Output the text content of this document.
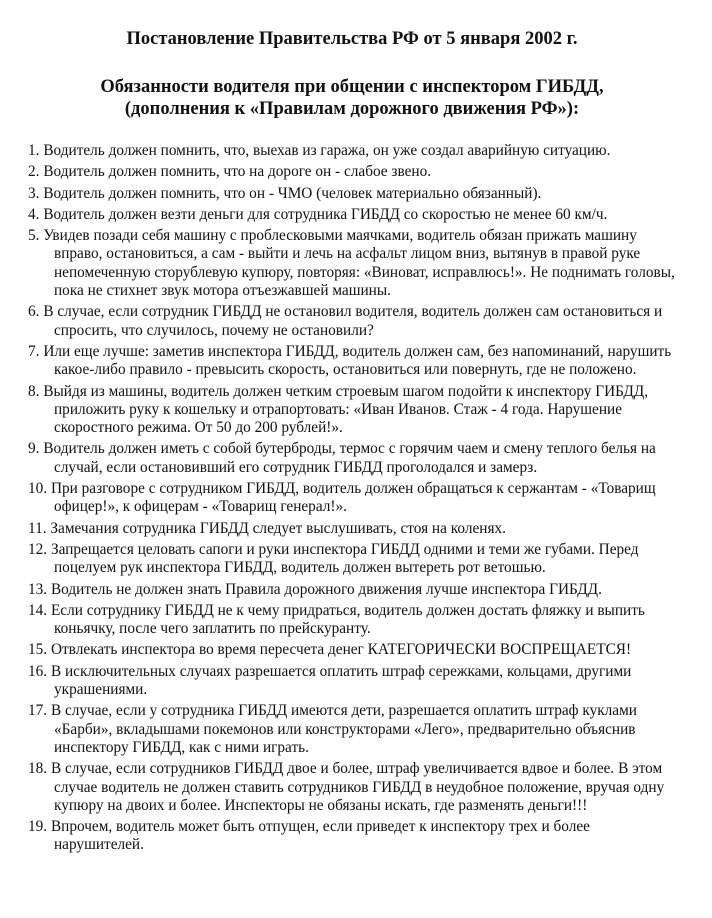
Постановление Правительства РФ от 5 января 2002 г.
Обязанности водителя при общении с инспектором ГИБДД,
(дополнения к «Правилам дорожного движения РФ»):
1. Водитель должен помнить, что, выехав из гаража, он уже создал аварийную ситуацию.
2. Водитель должен помнить, что на дороге он - слабое звено.
3. Водитель должен помнить, что он - ЧМО (человек материально обязанный).
4. Водитель должен везти деньги для сотрудника ГИБДД со скоростью не менее 60 км/ч.
5. Увидев позади себя машину с проблесковыми маячками, водитель обязан прижать машину вправо, остановиться, а сам - выйти и лечь на асфальт лицом вниз, вытянув в правой руке непомеченную сторублевую купюру, повторяя: «Виноват, исправлюсь!». Не поднимать головы, пока не стихнет звук мотора отъезжавшей машины.
6. В случае, если сотрудник ГИБДД не остановил водителя, водитель должен сам остановиться и спросить, что случилось, почему не остановили?
7. Или еще лучше: заметив инспектора ГИБДД, водитель должен сам, без напоминаний, нарушить какое-либо правило - превысить скорость, остановиться или повернуть, где не положено.
8. Выйдя из машины, водитель должен четким строевым шагом подойти к инспектору ГИБДД, приложить руку к кошельку и отрапортовать: «Иван Иванов. Стаж - 4 года. Нарушение скоростного режима. От 50 до 200 рублей!».
9. Водитель должен иметь с собой бутерброды, термос с горячим чаем и смену теплого белья на случай, если остановивший его сотрудник ГИБДД проголодался и замерз.
10. При разговоре с сотрудником ГИБДД, водитель должен обращаться к сержантам - «Товарищ офицер!», к офицерам - «Товарищ генерал!».
11. Замечания сотрудника ГИБДД следует выслушивать, стоя на коленях.
12. Запрещается целовать сапоги и руки инспектора ГИБДД одними и теми же губами. Перед поцелуем рук инспектора ГИБДД, водитель должен вытереть рот ветошью.
13. Водитель не должен знать Правила дорожного движения лучше инспектора ГИБДД.
14. Если сотруднику ГИБДД не к чему придраться, водитель должен достать фляжку и выпить коньячку, после чего заплатить по прейскуранту.
15. Отвлекать инспектора во время пересчета денег КАТЕГОРИЧЕСКИ ВОСПРЕЩАЕТСЯ!
16. В исключительных случаях разрешается оплатить штраф сережками, кольцами, другими украшениями.
17. В случае, если у сотрудника ГИБДД имеются дети, разрешается оплатить штраф куклами «Барби», вкладышами покемонов или конструкторами «Лего», предварительно объяснив инспектору ГИБДД, как с ними играть.
18. В случае, если сотрудников ГИБДД двое и более, штраф увеличивается вдвое и более. В этом случае водитель не должен ставить сотрудников ГИБДД в неудобное положение, вручая одну купюру на двоих и более. Инспекторы не обязаны искать, где разменять деньги!!!
19. Впрочем, водитель может быть отпущен, если приведет к инспектору трех и более нарушителей.
